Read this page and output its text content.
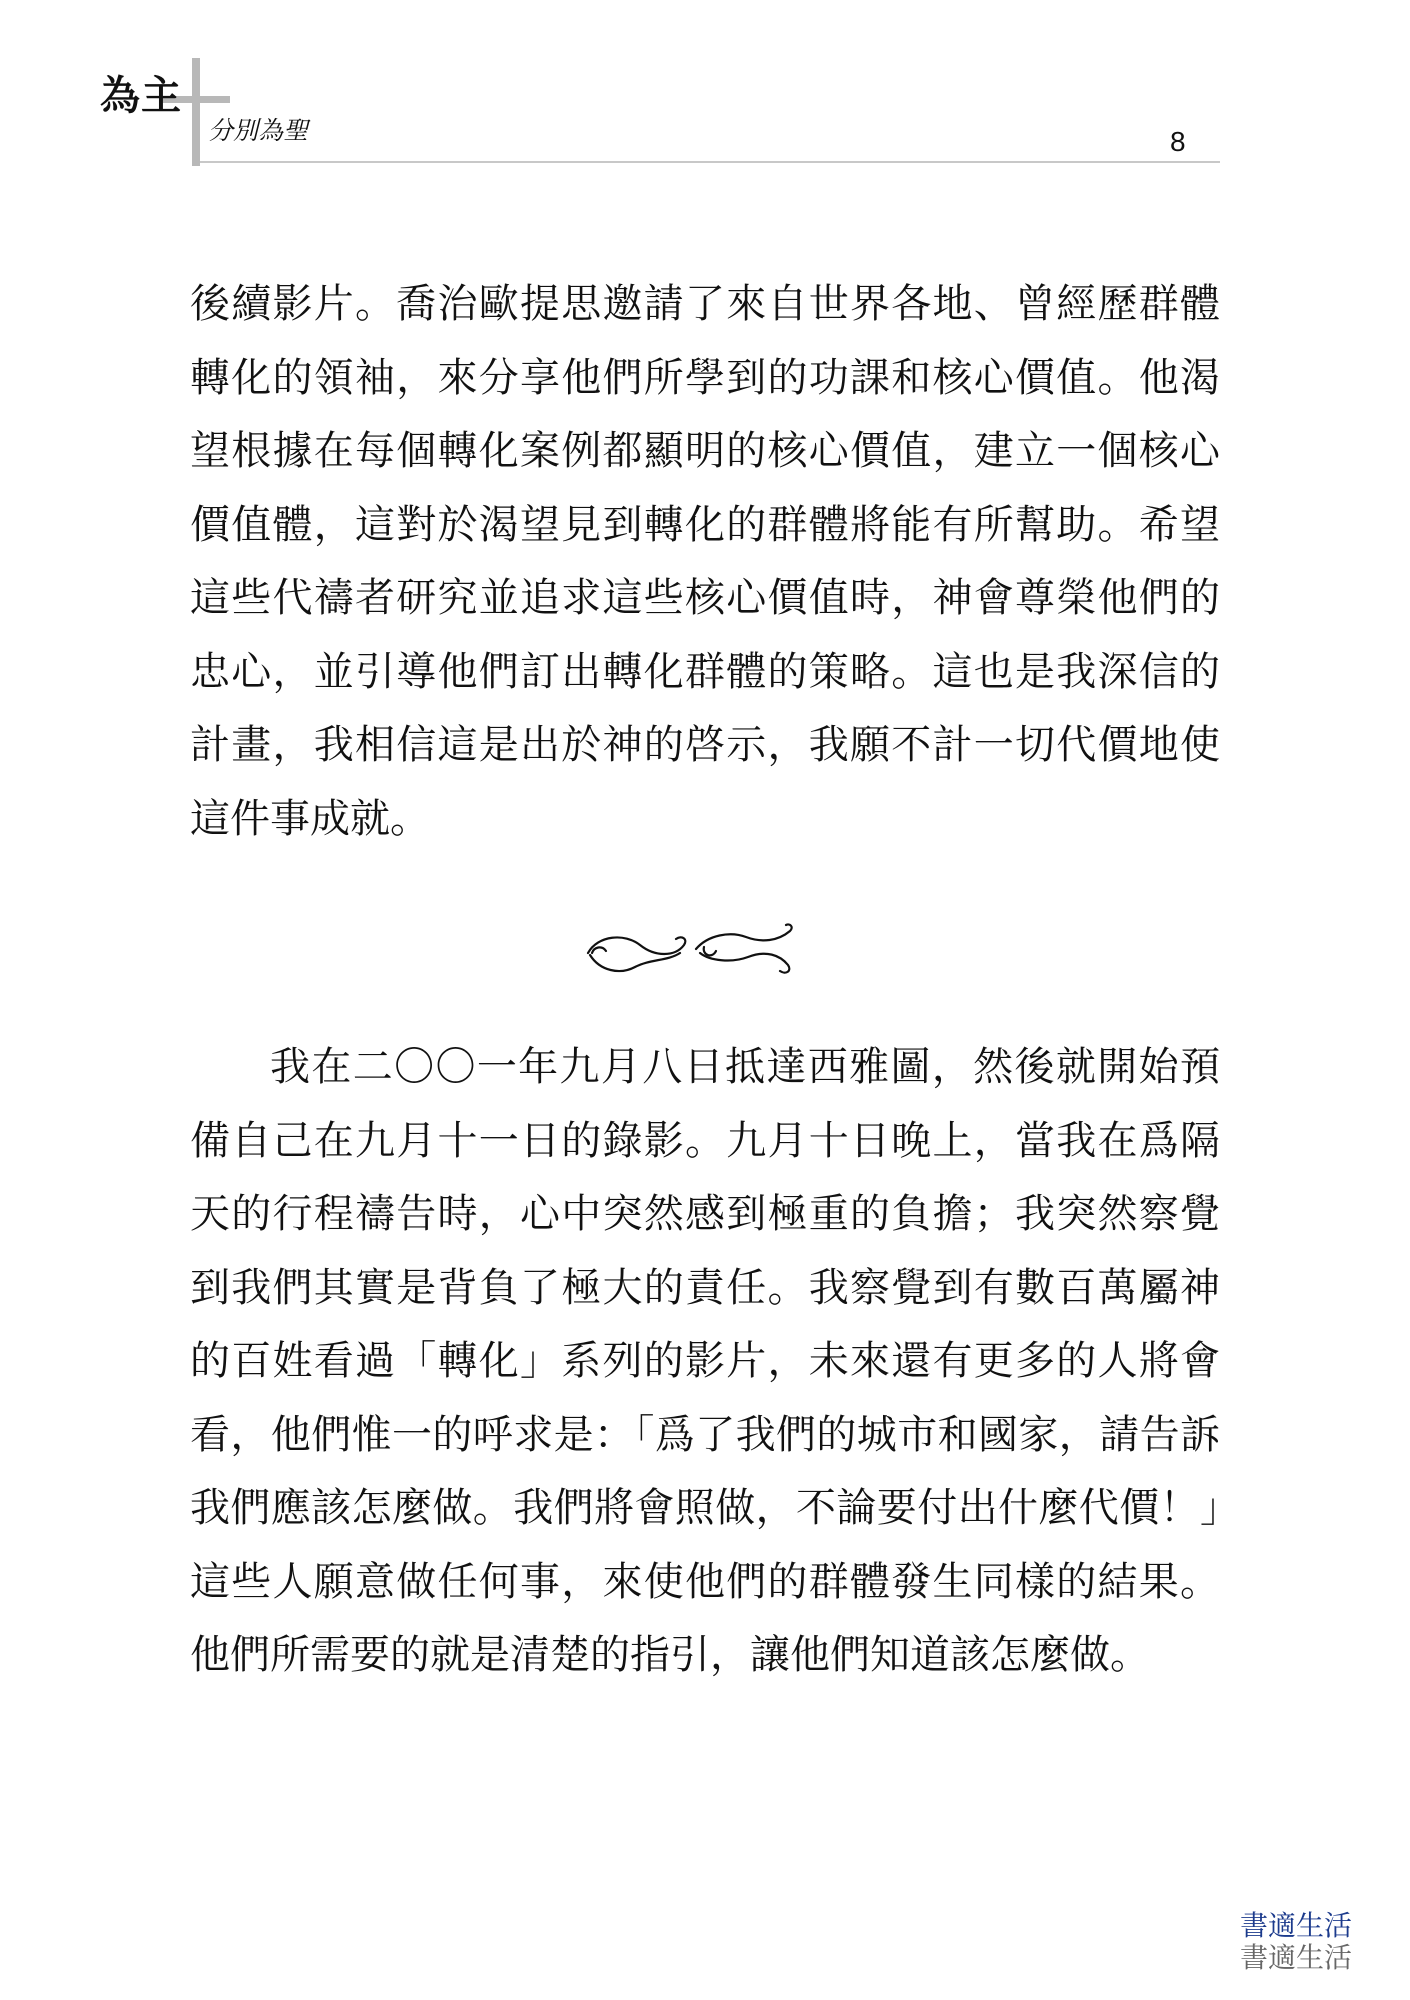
為主
分別為聖	8

後續影片。喬治歐提思邀請了來自世界各地、曾經歷群體轉化的領袖，來分享他們所學到的功課和核心價值。他渴望根據在每個轉化案例都顯明的核心價值，建立一個核心價值體，這對於渴望見到轉化的群體將能有所幫助。希望這些代禱者研究並追求這些核心價值時，神會尊榮他們的忠心，並引導他們訂出轉化群體的策略。這也是我深信的計畫，我相信這是出於神的啓示，我願不計一切代價地使這件事成就。

我在二〇〇一年九月八日抵達西雅圖，然後就開始預備自己在九月十一日的錄影。九月十日晚上，當我在爲隔天的行程禱告時，心中突然感到極重的負擔；我突然察覺到我們其實是背負了極大的責任。我察覺到有數百萬屬神的百姓看過「轉化」系列的影片，未來還有更多的人將會看，他們惟一的呼求是：「爲了我們的城市和國家，請告訴我們應該怎麼做。我們將會照做，不論要付出什麼代價！」這些人願意做任何事，來使他們的群體發生同樣的結果。他們所需要的就是清楚的指引，讓他們知道該怎麼做。

書適生活
書適生活
